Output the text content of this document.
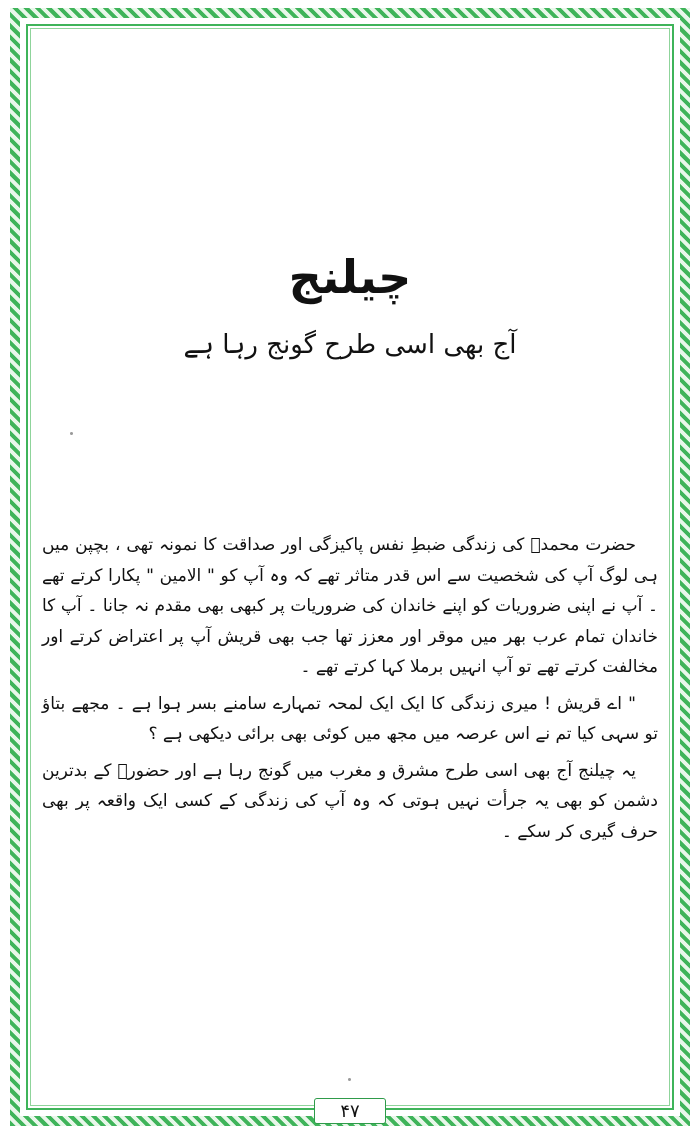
چیلنج
آج بھی اسی طرح گونج رہا ہے

حضرت محمدؐ کی زندگی ضبطِ نفس پاکیزگی اور صداقت کا نمونہ تھی ، بچپن میں ہی لوگ آپ کی شخصیت سے اس قدر متاثر تھے کہ وہ آپ کو " الامین " پکارا کرتے تھے ۔ آپ نے اپنی ضروریات کو اپنے خاندان کی ضروریات پر کبھی بھی مقدم نہ جانا ۔ آپ کا خاندان تمام عرب بھر میں موقر اور معزز تھا جب بھی قریش آپ پر اعتراض کرتے اور مخالفت کرتے تھے تو آپ انہیں برملا کہا کرتے تھے ۔

" اے قریش ! میری زندگی کا ایک ایک لمحہ تمہارے سامنے بسر ہوا ہے ۔ مجھے بتاؤ تو سہی کیا تم نے اس عرصہ میں مجھ میں کوئی بھی برائی دیکھی ہے ؟

یہ چیلنج آج بھی اسی طرح مشرق و مغرب میں گونج رہا ہے اور حضورؐ کے بدترین دشمن کو بھی یہ جرأت نہیں ہوتی کہ وہ آپ کی زندگی کے کسی ایک واقعہ پر بھی حرف گیری کر سکے ۔

۴۷
